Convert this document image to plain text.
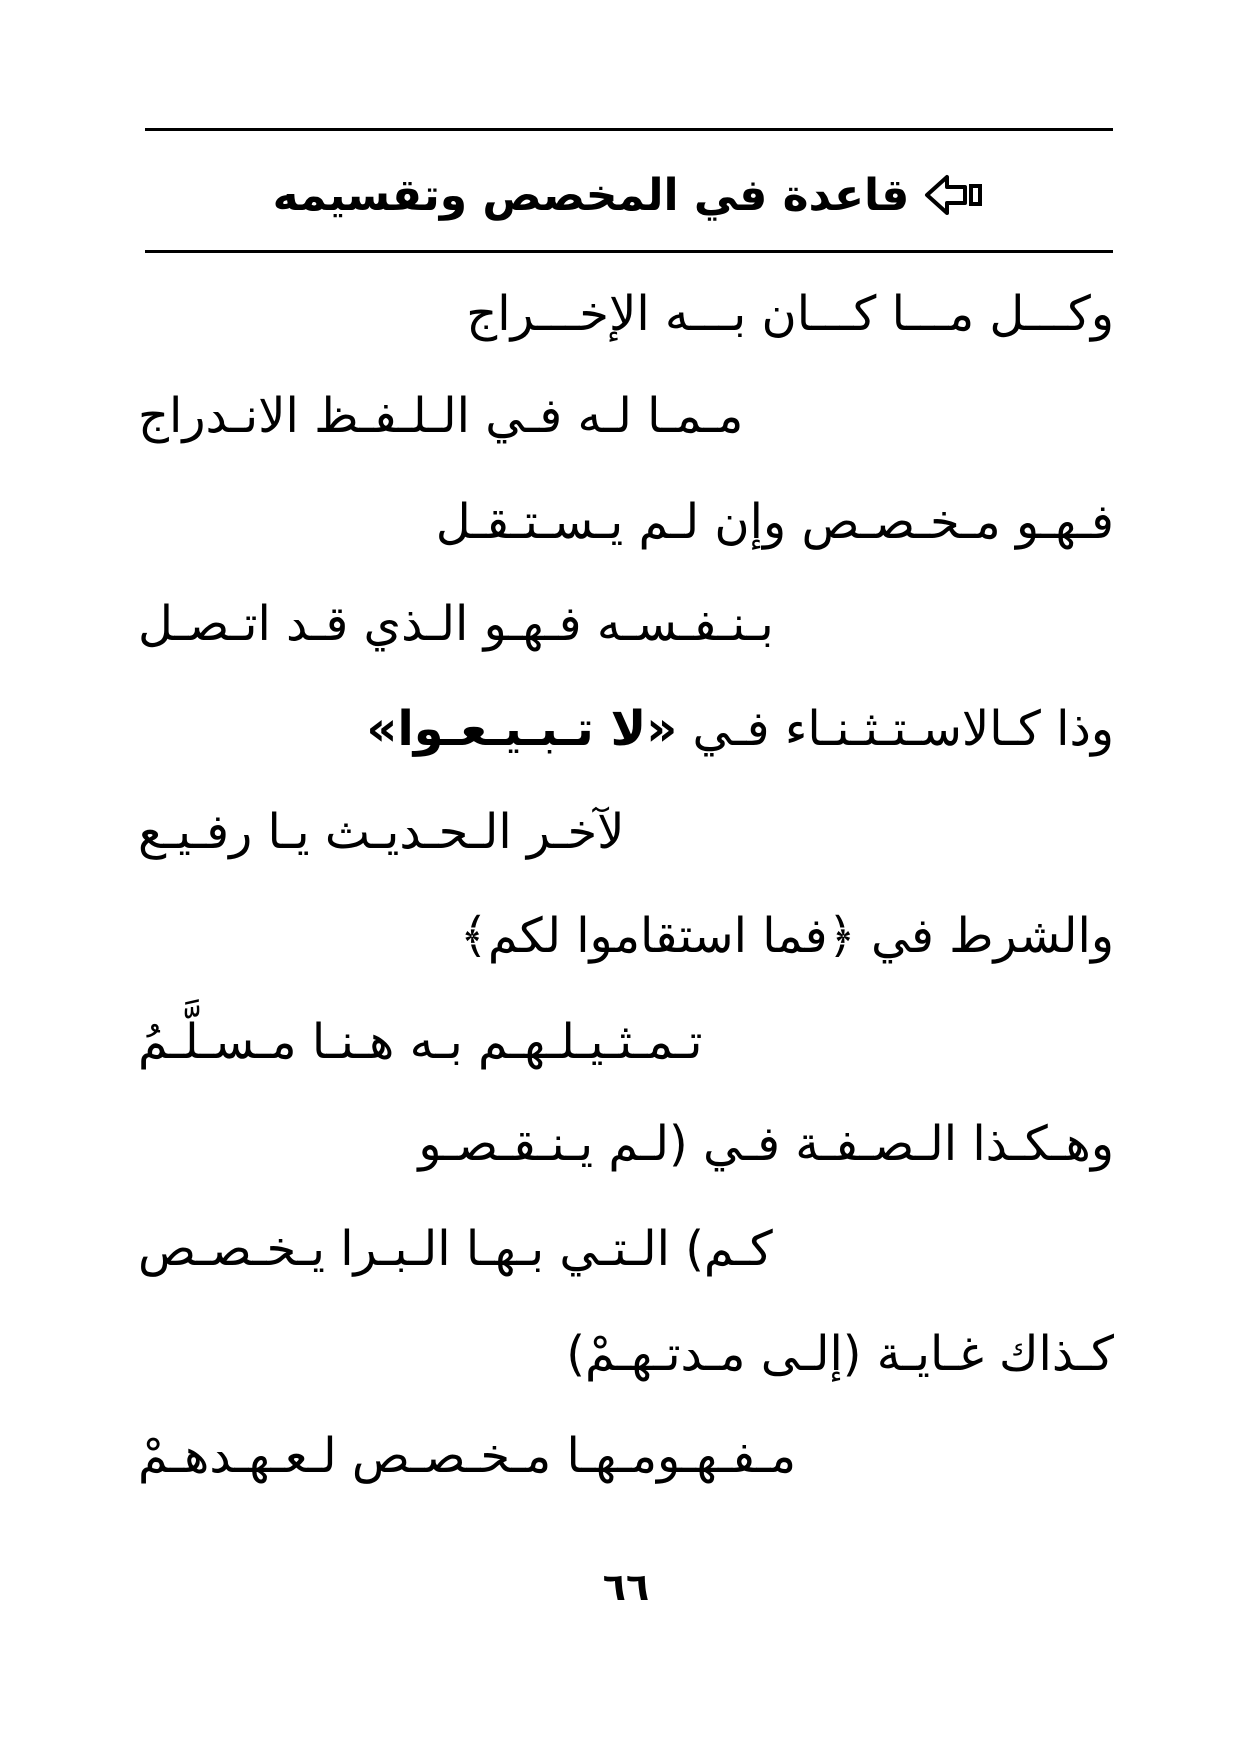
قاعدة في المخصص وتقسيمه
وكـــل مـــا كـــان بـــه الإخـــراج
مـمـا لـه فـي الـلـفـظ الانـدراج
فـهـو مـخـصـص وإن لـم يـسـتـقـل
بـنـفـسـه فـهـو الـذي قـد اتـصـل
وذا كـالاسـتـثـنـاء فـي «لا تـبـيـعـوا»
لآخـر الـحـديـث يـا رفـيـع
والشرط في ﴿فما استقاموا لكم﴾
تـمـثـيـلـهـم بـه هـنـا مـسـلَّـمُ
وهـكـذا الـصـفـة فـي (لـم يـنـقـصـو
كـم) الـتـي بـهـا الـبـرا يـخـصـص
كـذاك غـايـة (إلـى مـدتـهـمْ)
مـفـهـومـهـا مـخـصـص لـعـهـدهـمْ
٦٦
